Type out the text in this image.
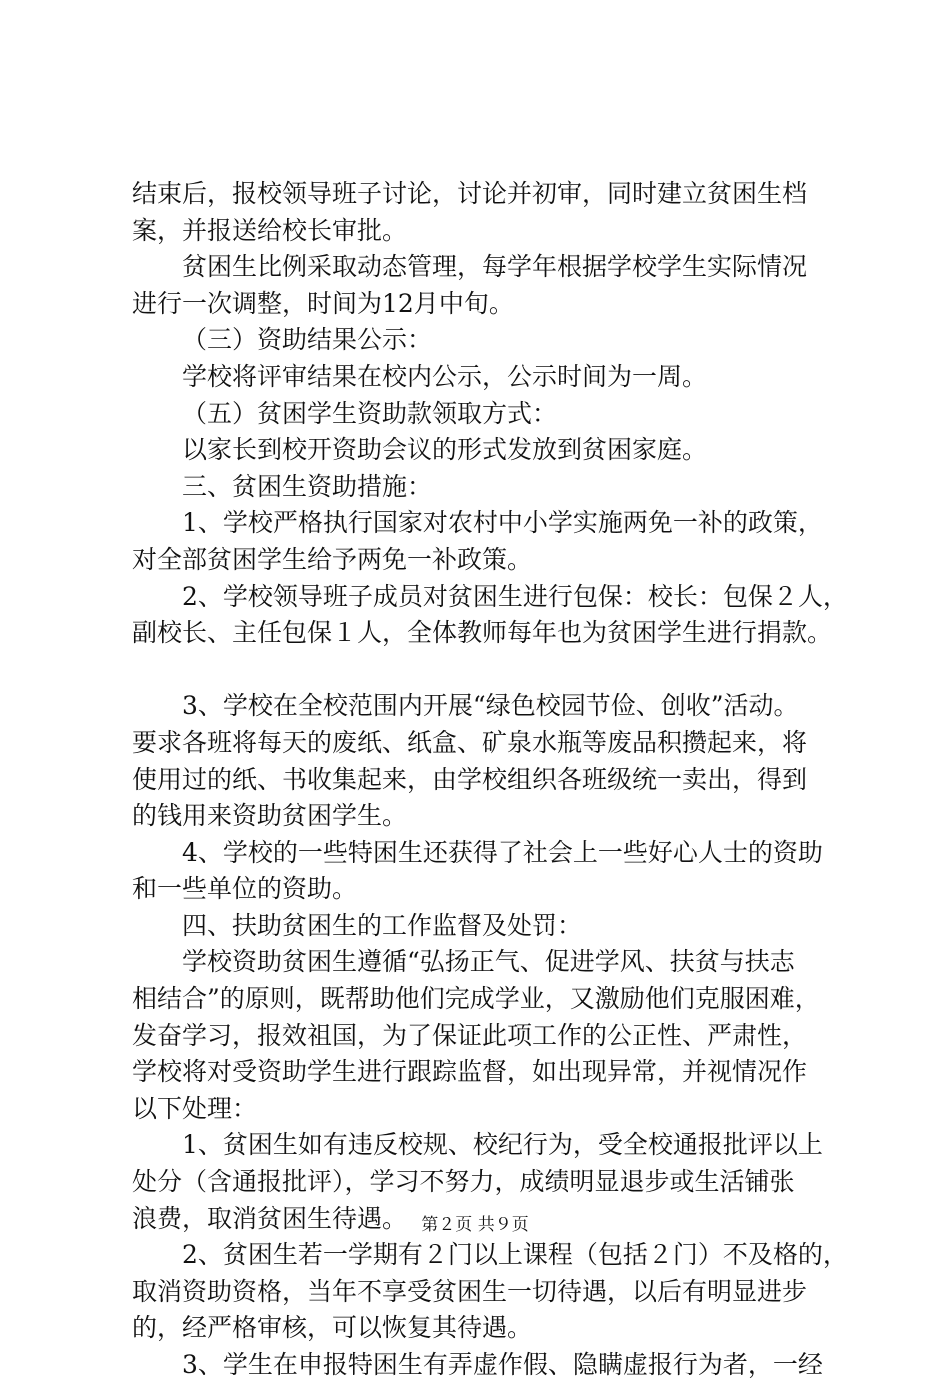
结束后，报校领导班子讨论，讨论并初审，同时建立贫困生档

案，并报送给校长审批。

贫困生比例采取动态管理，每学年根据学校学生实际情况

进行一次调整，时间为12月中旬。

（三）资助结果公示：

学校将评审结果在校内公示，公示时间为一周。

（五）贫困学生资助款领取方式：

以家长到校开资助会议的形式发放到贫困家庭。

三、贫困生资助措施：

1、学校严格执行国家对农村中小学实施两免一补的政策，

对全部贫困学生给予两免一补政策。

2、学校领导班子成员对贫困生进行包保：校长：包保２人，

副校长、主任包保１人，全体教师每年也为贫困学生进行捐款。

3、学校在全校范围内开展“绿色校园节俭、创收”活动。

要求各班将每天的废纸、纸盒、矿泉水瓶等废品积攒起来，将

使用过的纸、书收集起来，由学校组织各班级统一卖出，得到

的钱用来资助贫困学生。

4、学校的一些特困生还获得了社会上一些好心人士的资助

和一些单位的资助。

四、扶助贫困生的工作监督及处罚：

学校资助贫困生遵循“弘扬正气、促进学风、扶贫与扶志

相结合”的原则，既帮助他们完成学业，又激励他们克服困难，

发奋学习，报效祖国，为了保证此项工作的公正性、严肃性，

学校将对受资助学生进行跟踪监督，如出现异常，并视情况作

以下处理：

1、贫困生如有违反校规、校纪行为，受全校通报批评以上

处分（含通报批评），学习不努力，成绩明显退步或生活铺张

浪费，取消贫困生待遇。

2、贫困生若一学期有２门以上课程（包括２门）不及格的，

取消资助资格，当年不享受贫困生一切待遇，以后有明显进步

的，经严格审核，可以恢复其待遇。

3、学生在申报特困生有弄虚作假、隐瞒虚报行为者，一经

第２页 共９页
